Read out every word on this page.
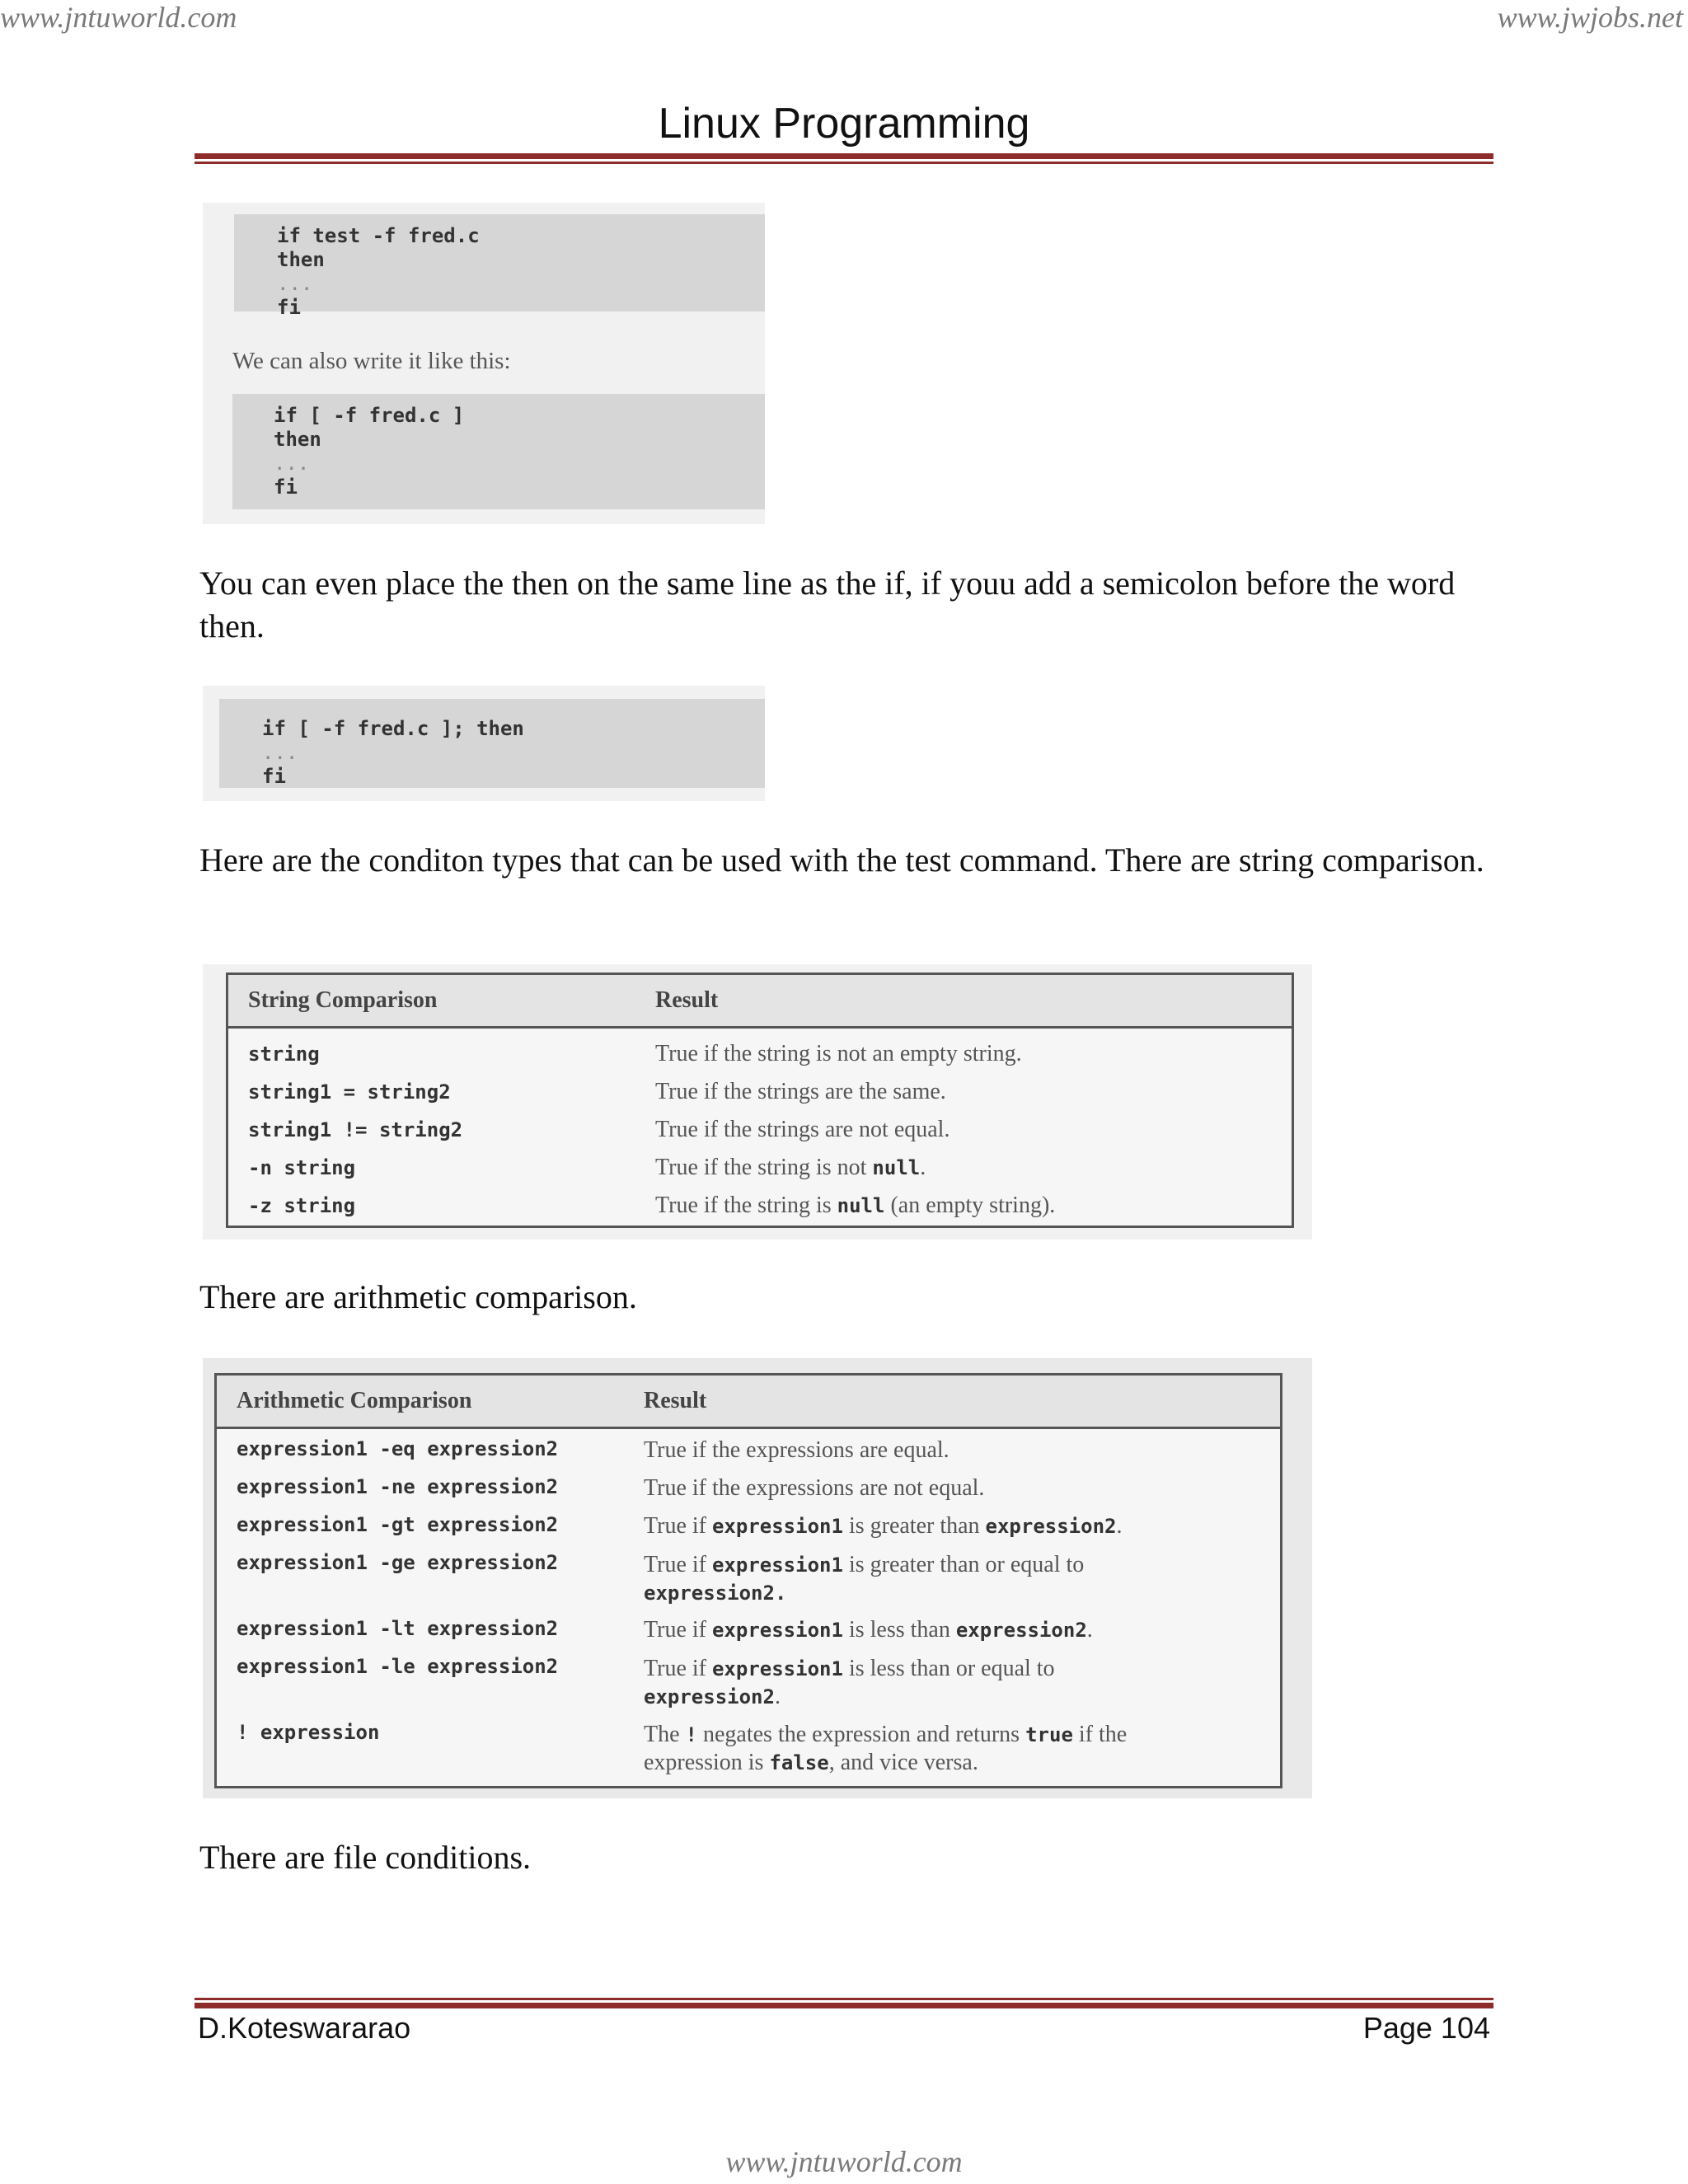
www.jntuworld.com	www.jwjobs.net
Linux Programming
if test -f fred.c
then
...
fi
We can also write it like this:
if [ -f fred.c ]
then
...
fi
You can even place the then on the same line as the if, if youu add a semicolon before the word then.
if [ -f fred.c ]; then
...
fi
Here are the conditon types that can be used with the test command. There are string comparison.
String Comparison	Result
string	True if the string is not an empty string.
string1 = string2	True if the strings are the same.
string1 != string2	True if the strings are not equal.
-n string	True if the string is not null.
-z string	True if the string is null (an empty string).
There are arithmetic comparison.
Arithmetic Comparison	Result
expression1 -eq expression2	True if the expressions are equal.
expression1 -ne expression2	True if the expressions are not equal.
expression1 -gt expression2	True if expression1 is greater than expression2.
expression1 -ge expression2	True if expression1 is greater than or equal to expression2.
expression1 -lt expression2	True if expression1 is less than expression2.
expression1 -le expression2	True if expression1 is less than or equal to expression2.
! expression	The ! negates the expression and returns true if the expression is false, and vice versa.
There are file conditions.
D.Koteswararao	Page 104
www.jntuworld.com
